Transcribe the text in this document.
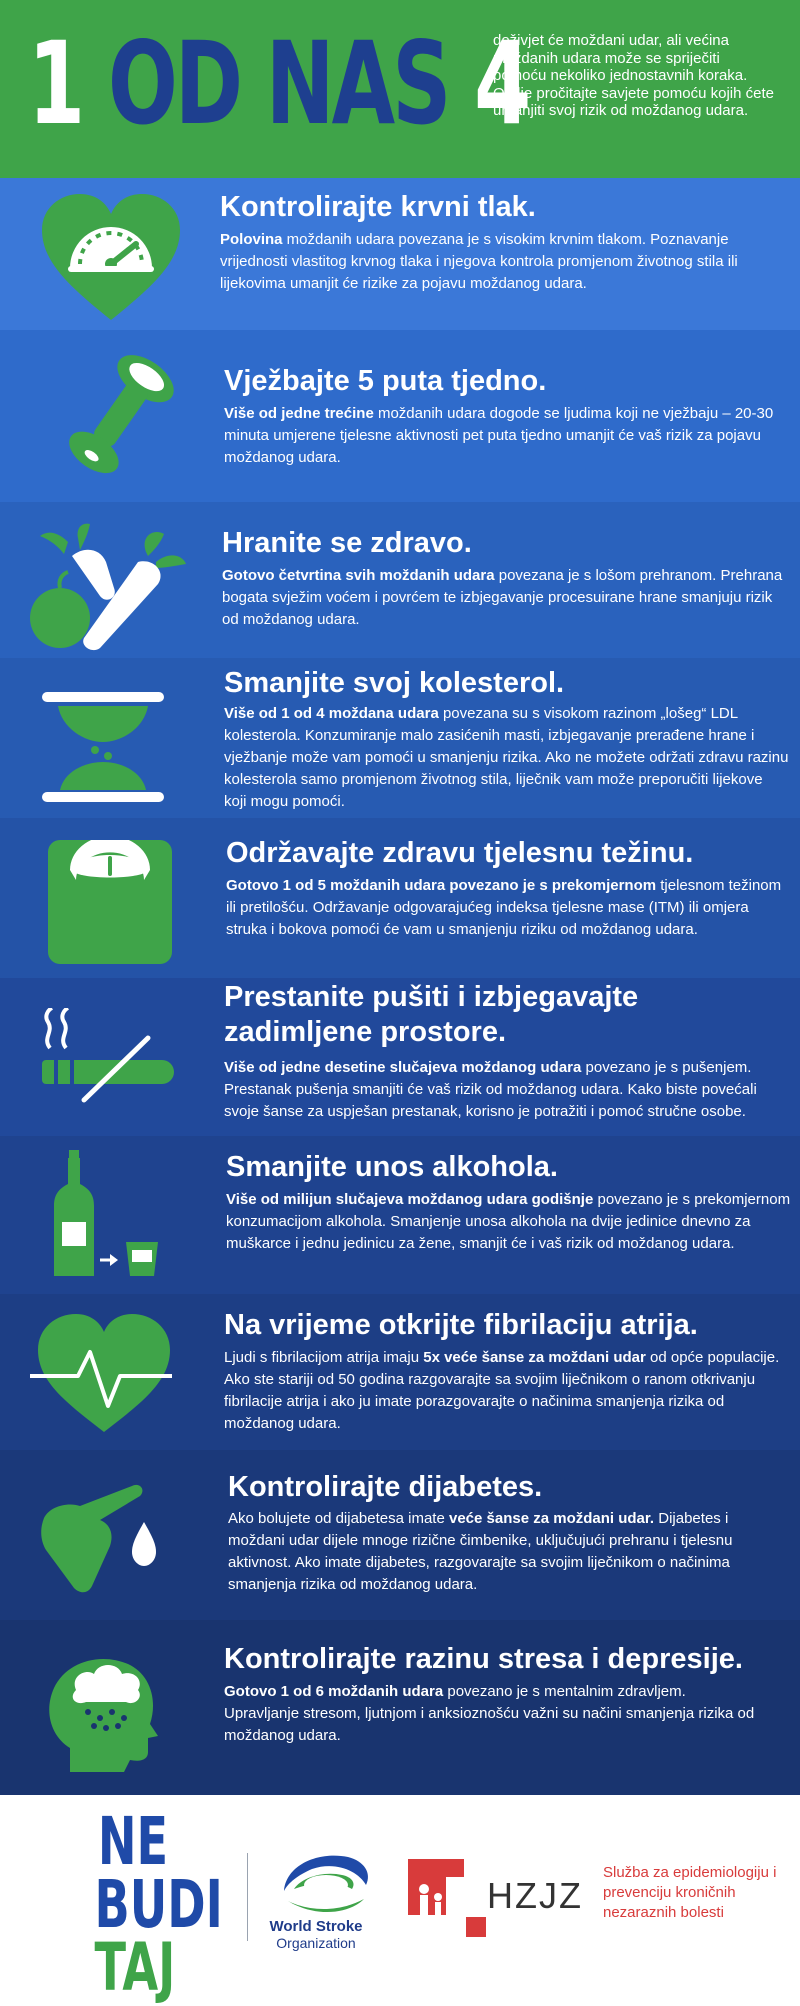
1 OD NAS 4
doživjet će moždani udar, ali većina moždanih udara može se spriječiti pomoću nekoliko jednostavnih koraka. Ovdje pročitajte savjete pomoću kojih ćete umanjiti svoj rizik od moždanog udara.
Kontrolirajte krvni tlak.
Polovina moždanih udara povezana je s visokim krvnim tlakom. Poznavanje vrijednosti vlastitog krvnog tlaka i njegova kontrola promjenom životnog stila ili lijekovima umanjit će rizike za pojavu moždanog udara.
Vježbajte 5 puta tjedno.
Više od jedne trećine moždanih udara dogode se ljudima koji ne vježbaju – 20-30 minuta umjerene tjelesne aktivnosti pet puta tjedno umanjit će vaš rizik za pojavu moždanog udara.
Hranite se zdravo.
Gotovo četvrtina svih moždanih udara povezana je s lošom prehranom. Prehrana bogata svježim voćem i povrćem te izbjegavanje procesuirane hrane smanjuju rizik od moždanog udara.
Smanjite svoj kolesterol.
Više od 1 od 4 moždana udara povezana su s visokom razinom „lošeg“ LDL kolesterola. Konzumiranje malo zasićenih masti, izbjegavanje prerađene hrane i vježbanje može vam pomoći u smanjenju rizika. Ako ne možete održati zdravu razinu kolesterola samo promjenom životnog stila, liječnik vam može preporučiti lijekove koji mogu pomoći.
Održavajte zdravu tjelesnu težinu.
Gotovo 1 od 5 moždanih udara povezano je s prekomjernom tjelesnom težinom ili pretilošću. Održavanje odgovarajućeg indeksa tjelesne mase (ITM) ili omjera struka i bokova pomoći će vam u smanjenju riziku od moždanog udara.
Prestanite pušiti i izbjegavajte
zadimljene prostore.
Više od jedne desetine slučajeva moždanog udara povezano je s pušenjem. Prestanak pušenja smanjiti će vaš rizik od moždanog udara. Kako biste povećali svoje šanse za uspješan prestanak, korisno je potražiti i pomoć stručne osobe.
Smanjite unos alkohola.
Više od milijun slučajeva moždanog udara godišnje povezano je s prekomjernom konzumacijom alkohola. Smanjenje unosa alkohola na dvije jedinice dnevno za muškarce i jednu jedinicu za žene, smanjit će i vaš rizik od moždanog udara.
Na vrijeme otkrijte fibrilaciju atrija.
Ljudi s fibrilacijom atrija imaju 5x veće šanse za moždani udar od opće populacije. Ako ste stariji od 50 godina razgovarajte sa svojim liječnikom o ranom otkrivanju fibrilacije atrija i ako ju imate porazgovarajte o načinima smanjenja rizika od moždanog udara.
Kontrolirajte dijabetes.
Ako bolujete od dijabetesa imate veće šanse za moždani udar. Dijabetes i moždani udar dijele mnoge rizične čimbenike, uključujući prehranu i tjelesnu aktivnost. Ako imate dijabetes, razgovarajte sa svojim liječnikom o načinima smanjenja rizika od moždanog udara.
Kontrolirajte razinu stresa i depresije.
Gotovo 1 od 6 moždanih udara povezano je s mentalnim zdravljem. Upravljanje stresom, ljutnjom i anksioznošću važni su načini smanjenja rizika od moždanog udara.
NE
BUDI
TAJ
World Stroke
Organization
HZJZ
Služba za epidemiologiju i prevenciju kroničnih nezaraznih bolesti
